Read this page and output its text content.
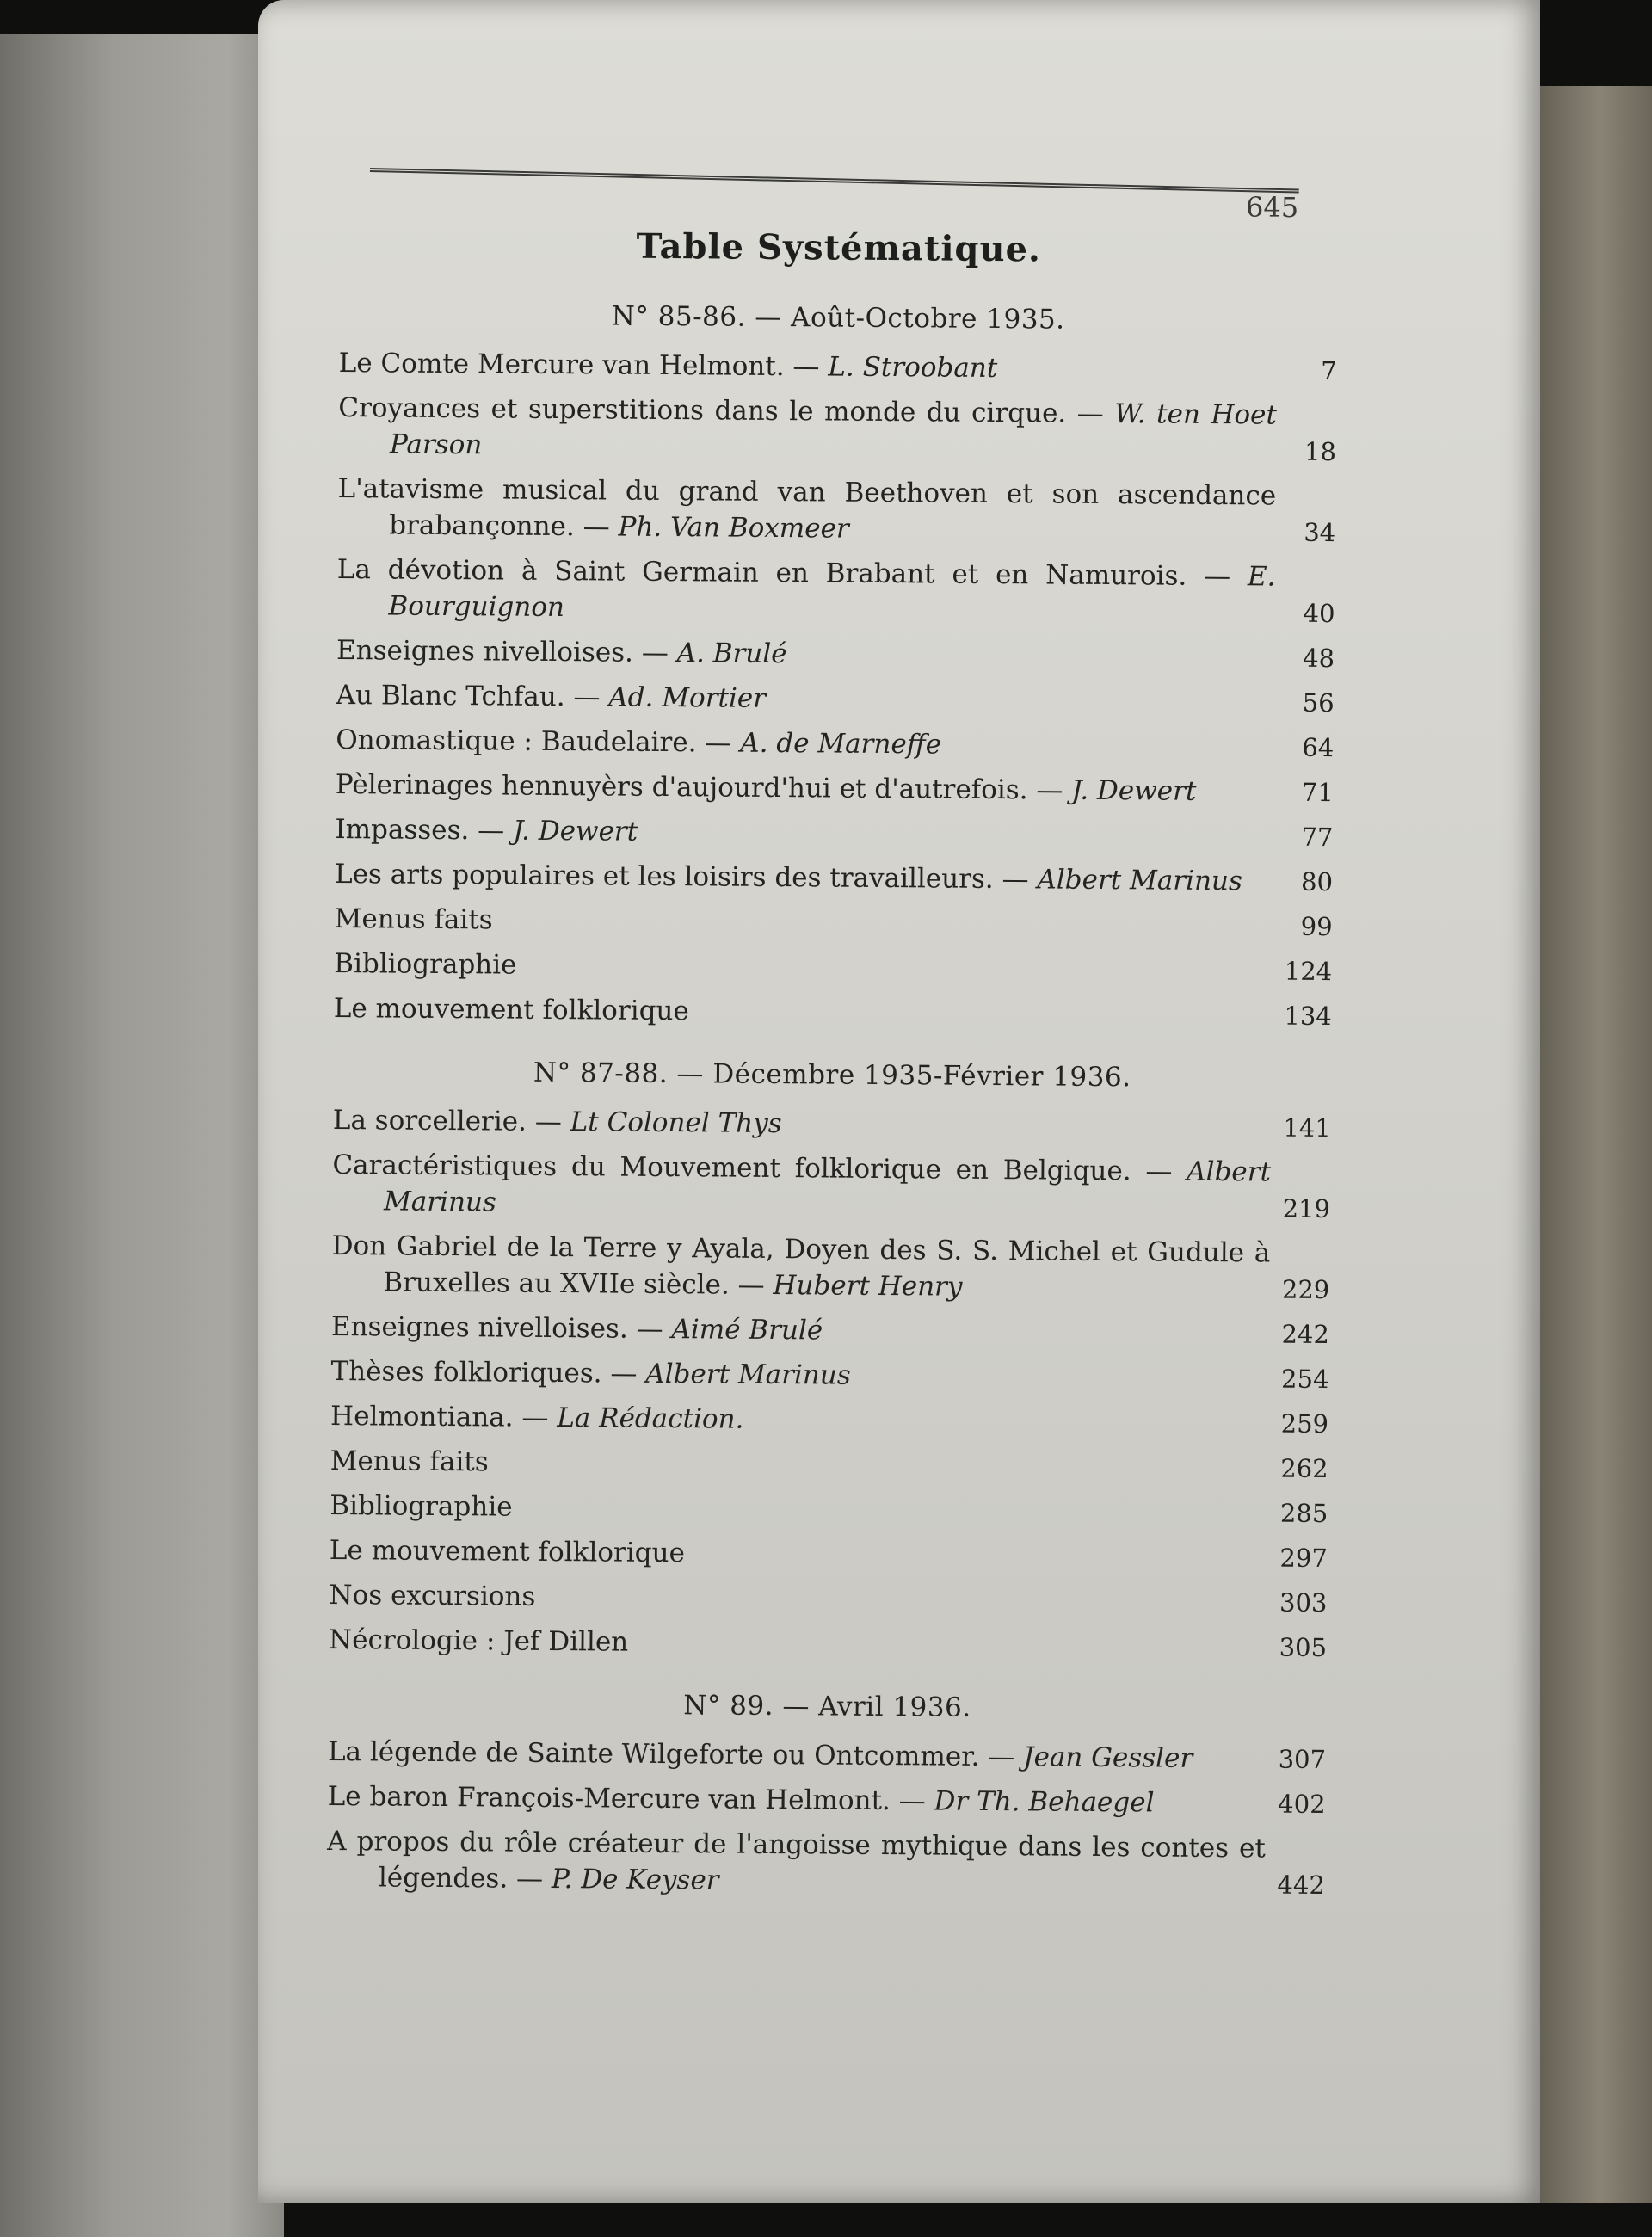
645
Table Systématique.
N° 85-86. — Août-Octobre 1935.
Le Comte Mercure van Helmont. — L. Stroobant	7
Croyances et superstitions dans le monde du cirque. — W. ten Hoet Parson	18
L'atavisme musical du grand van Beethoven et son ascendance brabançonne. — Ph. Van Boxmeer	34
La dévotion à Saint Germain en Brabant et en Namurois. — E. Bourguignon	40
Enseignes nivelloises. — A. Brulé	48
Au Blanc Tchfau. — Ad. Mortier	56
Onomastique : Baudelaire. — A. de Marneffe	64
Pèlerinages hennuyèrs d'aujourd'hui et d'autrefois. — J. Dewert	71
Impasses. — J. Dewert	77
Les arts populaires et les loisirs des travailleurs. — Albert Marinus	80
Menus faits	99
Bibliographie	124
Le mouvement folklorique	134
N° 87-88. — Décembre 1935-Février 1936.
La sorcellerie. — Lt Colonel Thys	141
Caractéristiques du Mouvement folklorique en Belgique. — Albert Marinus	219
Don Gabriel de la Terre y Ayala, Doyen des S. S. Michel et Gudule à Bruxelles au XVIIe siècle. — Hubert Henry	229
Enseignes nivelloises. — Aimé Brulé	242
Thèses folkloriques. — Albert Marinus	254
Helmontiana. — La Rédaction.	259
Menus faits	262
Bibliographie	285
Le mouvement folklorique	297
Nos excursions	303
Nécrologie : Jef Dillen	305
N° 89. — Avril 1936.
La légende de Sainte Wilgeforte ou Ontcommer. — Jean Gessler	307
Le baron François-Mercure van Helmont. — Dr Th. Behaegel	402
A propos du rôle créateur de l'angoisse mythique dans les contes et légendes. — P. De Keyser	442
